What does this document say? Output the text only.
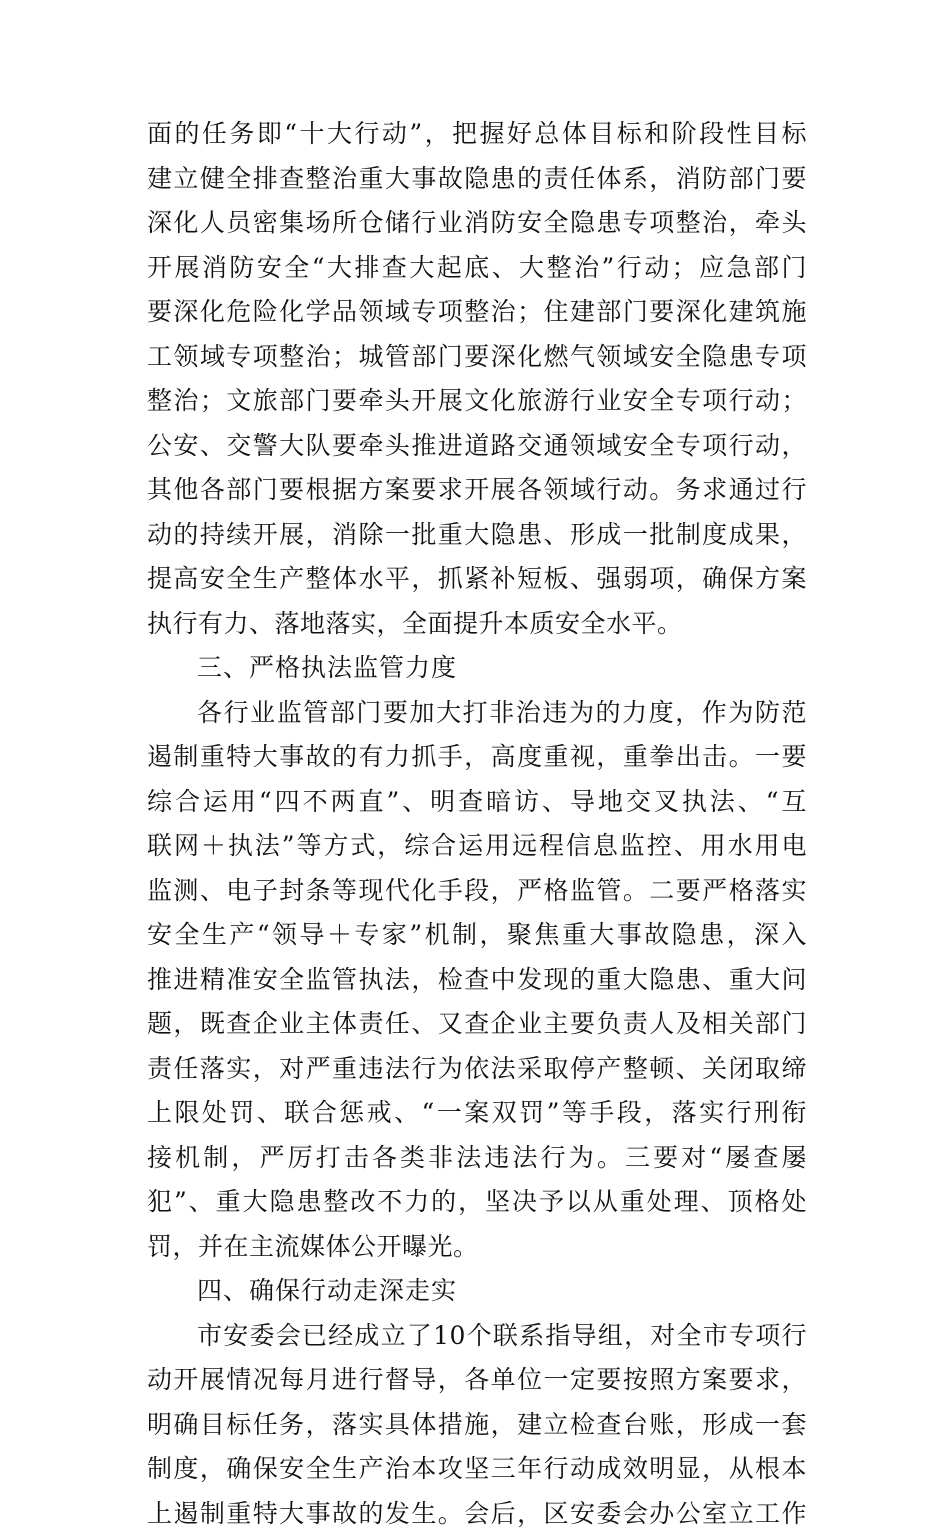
面的任务即“十大行动”，把握好总体目标和阶段性目标
建立健全排查整治重大事故隐患的责任体系，消防部门要
深化人员密集场所仓储行业消防安全隐患专项整治，牵头
开展消防安全“大排查大起底、大整治”行动；应急部门
要深化危险化学品领域专项整治；住建部门要深化建筑施
工领域专项整治；城管部门要深化燃气领域安全隐患专项
整治；文旅部门要牵头开展文化旅游行业安全专项行动；
公安、交警大队要牵头推进道路交通领域安全专项行动，
其他各部门要根据方案要求开展各领域行动。务求通过行
动的持续开展，消除一批重大隐患、形成一批制度成果，
提高安全生产整体水平，抓紧补短板、强弱项，确保方案
执行有力、落地落实，全面提升本质安全水平。
三、严格执法监管力度
各行业监管部门要加大打非治违为的力度，作为防范
遏制重特大事故的有力抓手，高度重视，重拳出击。一要
综合运用“四不两直”、明查暗访、导地交叉执法、“互
联网＋执法”等方式，综合运用远程信息监控、用水用电
监测、电子封条等现代化手段，严格监管。二要严格落实
安全生产“领导＋专家”机制，聚焦重大事故隐患，深入
推进精准安全监管执法，检查中发现的重大隐患、重大问
题，既查企业主体责任、又查企业主要负责人及相关部门
责任落实，对严重违法行为依法采取停产整顿、关闭取缔
上限处罚、联合惩戒、“一案双罚”等手段，落实行刑衔
接机制，严厉打击各类非法违法行为。三要对“屡查屡
犯”、重大隐患整改不力的，坚决予以从重处理、顶格处
罚，并在主流媒体公开曝光。
四、确保行动走深走实
市安委会已经成立了10个联系指导组，对全市专项行
动开展情况每月进行督导，各单位一定要按照方案要求，
明确目标任务，落实具体措施，建立检查台账，形成一套
制度，确保安全生产治本攻坚三年行动成效明显，从根本
上遏制重特大事故的发生。会后，区安委会办公室立工作
